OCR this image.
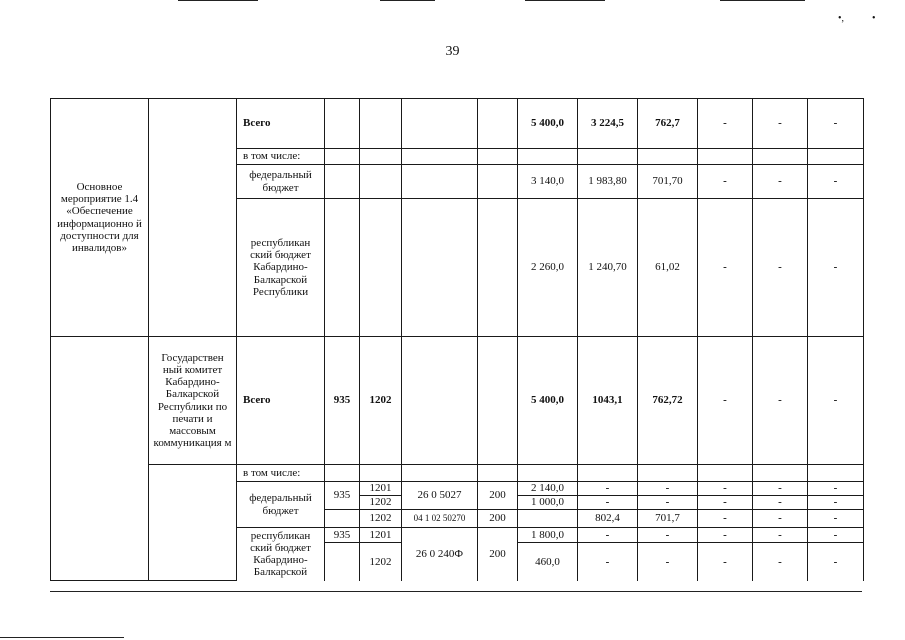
•,	•
39
Основное мероприятие 1.4 «Обеспечение информационно й доступности для инвалидов»		Всего					5 400,0	3 224,5	762,7	-	-	-
		в том числе:										
		федеральный бюджет					3 140,0	1 983,80	701,70	-	-	-
		республикан ский бюджет Кабардино-Балкарской Республики					2 260,0	1 240,70	61,02	-	-	-
	Государствен ный комитет Кабардино-Балкарской Республики по печати и массовым коммуникация м	Всего	935	1202			5 400,0	1043,1	762,72	-	-	-
		в том числе:										
		федеральный бюджет	935	1201	26 0 5027	200	2 140,0	-	-	-	-	-
				1202			1 000,0	-	-	-	-	-
				1202	04 1 02 50270	200		802,4	701,7	-	-	-
		республикан ский бюджет Кабардино-Балкарской	935	1201	26 0 240Ф	200	1 800,0	-	-	-	-	-
				1202			460,0	-	-	-	-	-
